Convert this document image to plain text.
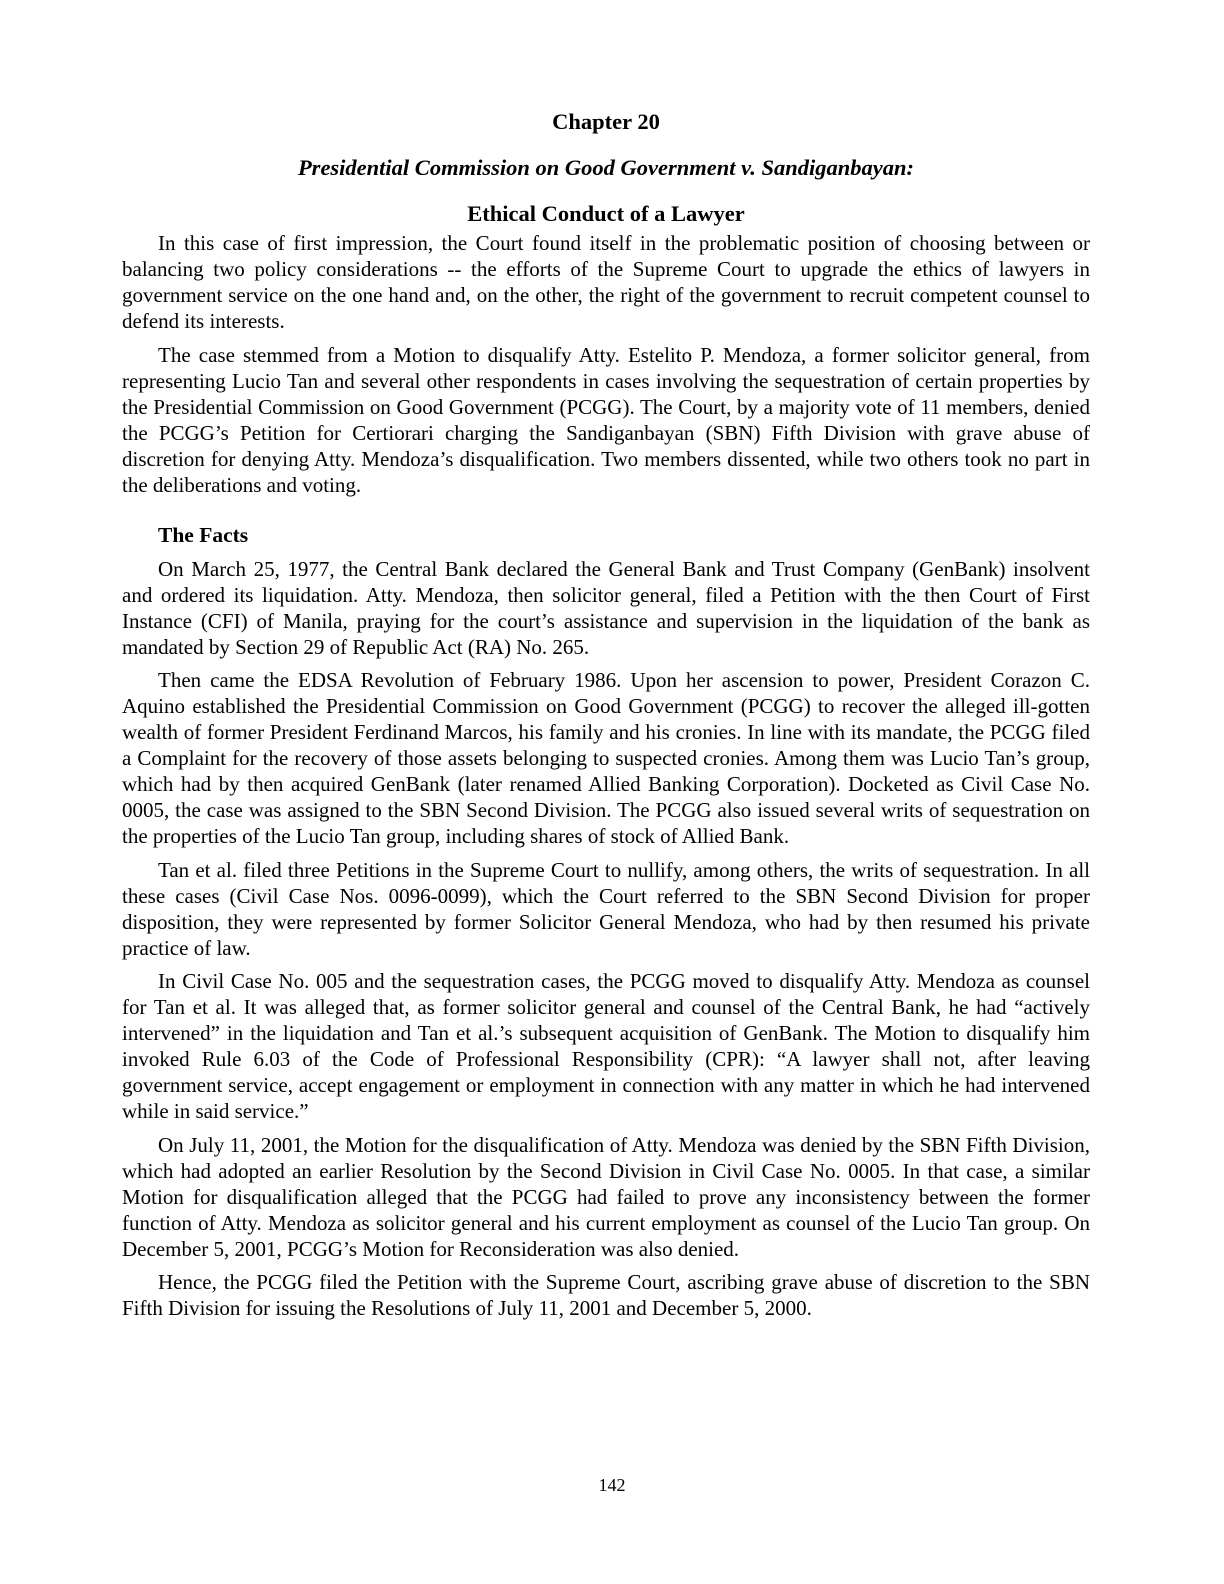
Chapter 20
Presidential Commission on Good Government v. Sandiganbayan:
Ethical Conduct of a Lawyer

In this case of first impression, the Court found itself in the problematic position of choosing between or balancing two policy considerations -- the efforts of the Supreme Court to upgrade the ethics of lawyers in government service on the one hand and, on the other, the right of the government to recruit competent counsel to defend its interests.

The case stemmed from a Motion to disqualify Atty. Estelito P. Mendoza, a former solicitor general, from representing Lucio Tan and several other respondents in cases involving the sequestration of certain properties by the Presidential Commission on Good Government (PCGG). The Court, by a majority vote of 11 members, denied the PCGG’s Petition for Certiorari charging the Sandiganbayan (SBN) Fifth Division with grave abuse of discretion for denying Atty. Mendoza’s disqualification. Two members dissented, while two others took no part in the deliberations and voting.

The Facts

On March 25, 1977, the Central Bank declared the General Bank and Trust Company (GenBank) insolvent and ordered its liquidation. Atty. Mendoza, then solicitor general, filed a Petition with the then Court of First Instance (CFI) of Manila, praying for the court’s assistance and supervision in the liquidation of the bank as mandated by Section 29 of Republic Act (RA) No. 265.

Then came the EDSA Revolution of February 1986. Upon her ascension to power, President Corazon C. Aquino established the Presidential Commission on Good Government (PCGG) to recover the alleged ill-gotten wealth of former President Ferdinand Marcos, his family and his cronies. In line with its mandate, the PCGG filed a Complaint for the recovery of those assets belonging to suspected cronies. Among them was Lucio Tan’s group, which had by then acquired GenBank (later renamed Allied Banking Corporation). Docketed as Civil Case No. 0005, the case was assigned to the SBN Second Division. The PCGG also issued several writs of sequestration on the properties of the Lucio Tan group, including shares of stock of Allied Bank.

Tan et al. filed three Petitions in the Supreme Court to nullify, among others, the writs of sequestration. In all these cases (Civil Case Nos. 0096-0099), which the Court referred to the SBN Second Division for proper disposition, they were represented by former Solicitor General Mendoza, who had by then resumed his private practice of law.

In Civil Case No. 005 and the sequestration cases, the PCGG moved to disqualify Atty. Mendoza as counsel for Tan et al. It was alleged that, as former solicitor general and counsel of the Central Bank, he had “actively intervened” in the liquidation and Tan et al.’s subsequent acquisition of GenBank. The Motion to disqualify him invoked Rule 6.03 of the Code of Professional Responsibility (CPR): “A lawyer shall not, after leaving government service, accept engagement or employment in connection with any matter in which he had intervened while in said service.”

On July 11, 2001, the Motion for the disqualification of Atty. Mendoza was denied by the SBN Fifth Division, which had adopted an earlier Resolution by the Second Division in Civil Case No. 0005. In that case, a similar Motion for disqualification alleged that the PCGG had failed to prove any inconsistency between the former function of Atty. Mendoza as solicitor general and his current employment as counsel of the Lucio Tan group. On December 5, 2001, PCGG’s Motion for Reconsideration was also denied.

Hence, the PCGG filed the Petition with the Supreme Court, ascribing grave abuse of discretion to the SBN Fifth Division for issuing the Resolutions of July 11, 2001 and December 5, 2000.

142
